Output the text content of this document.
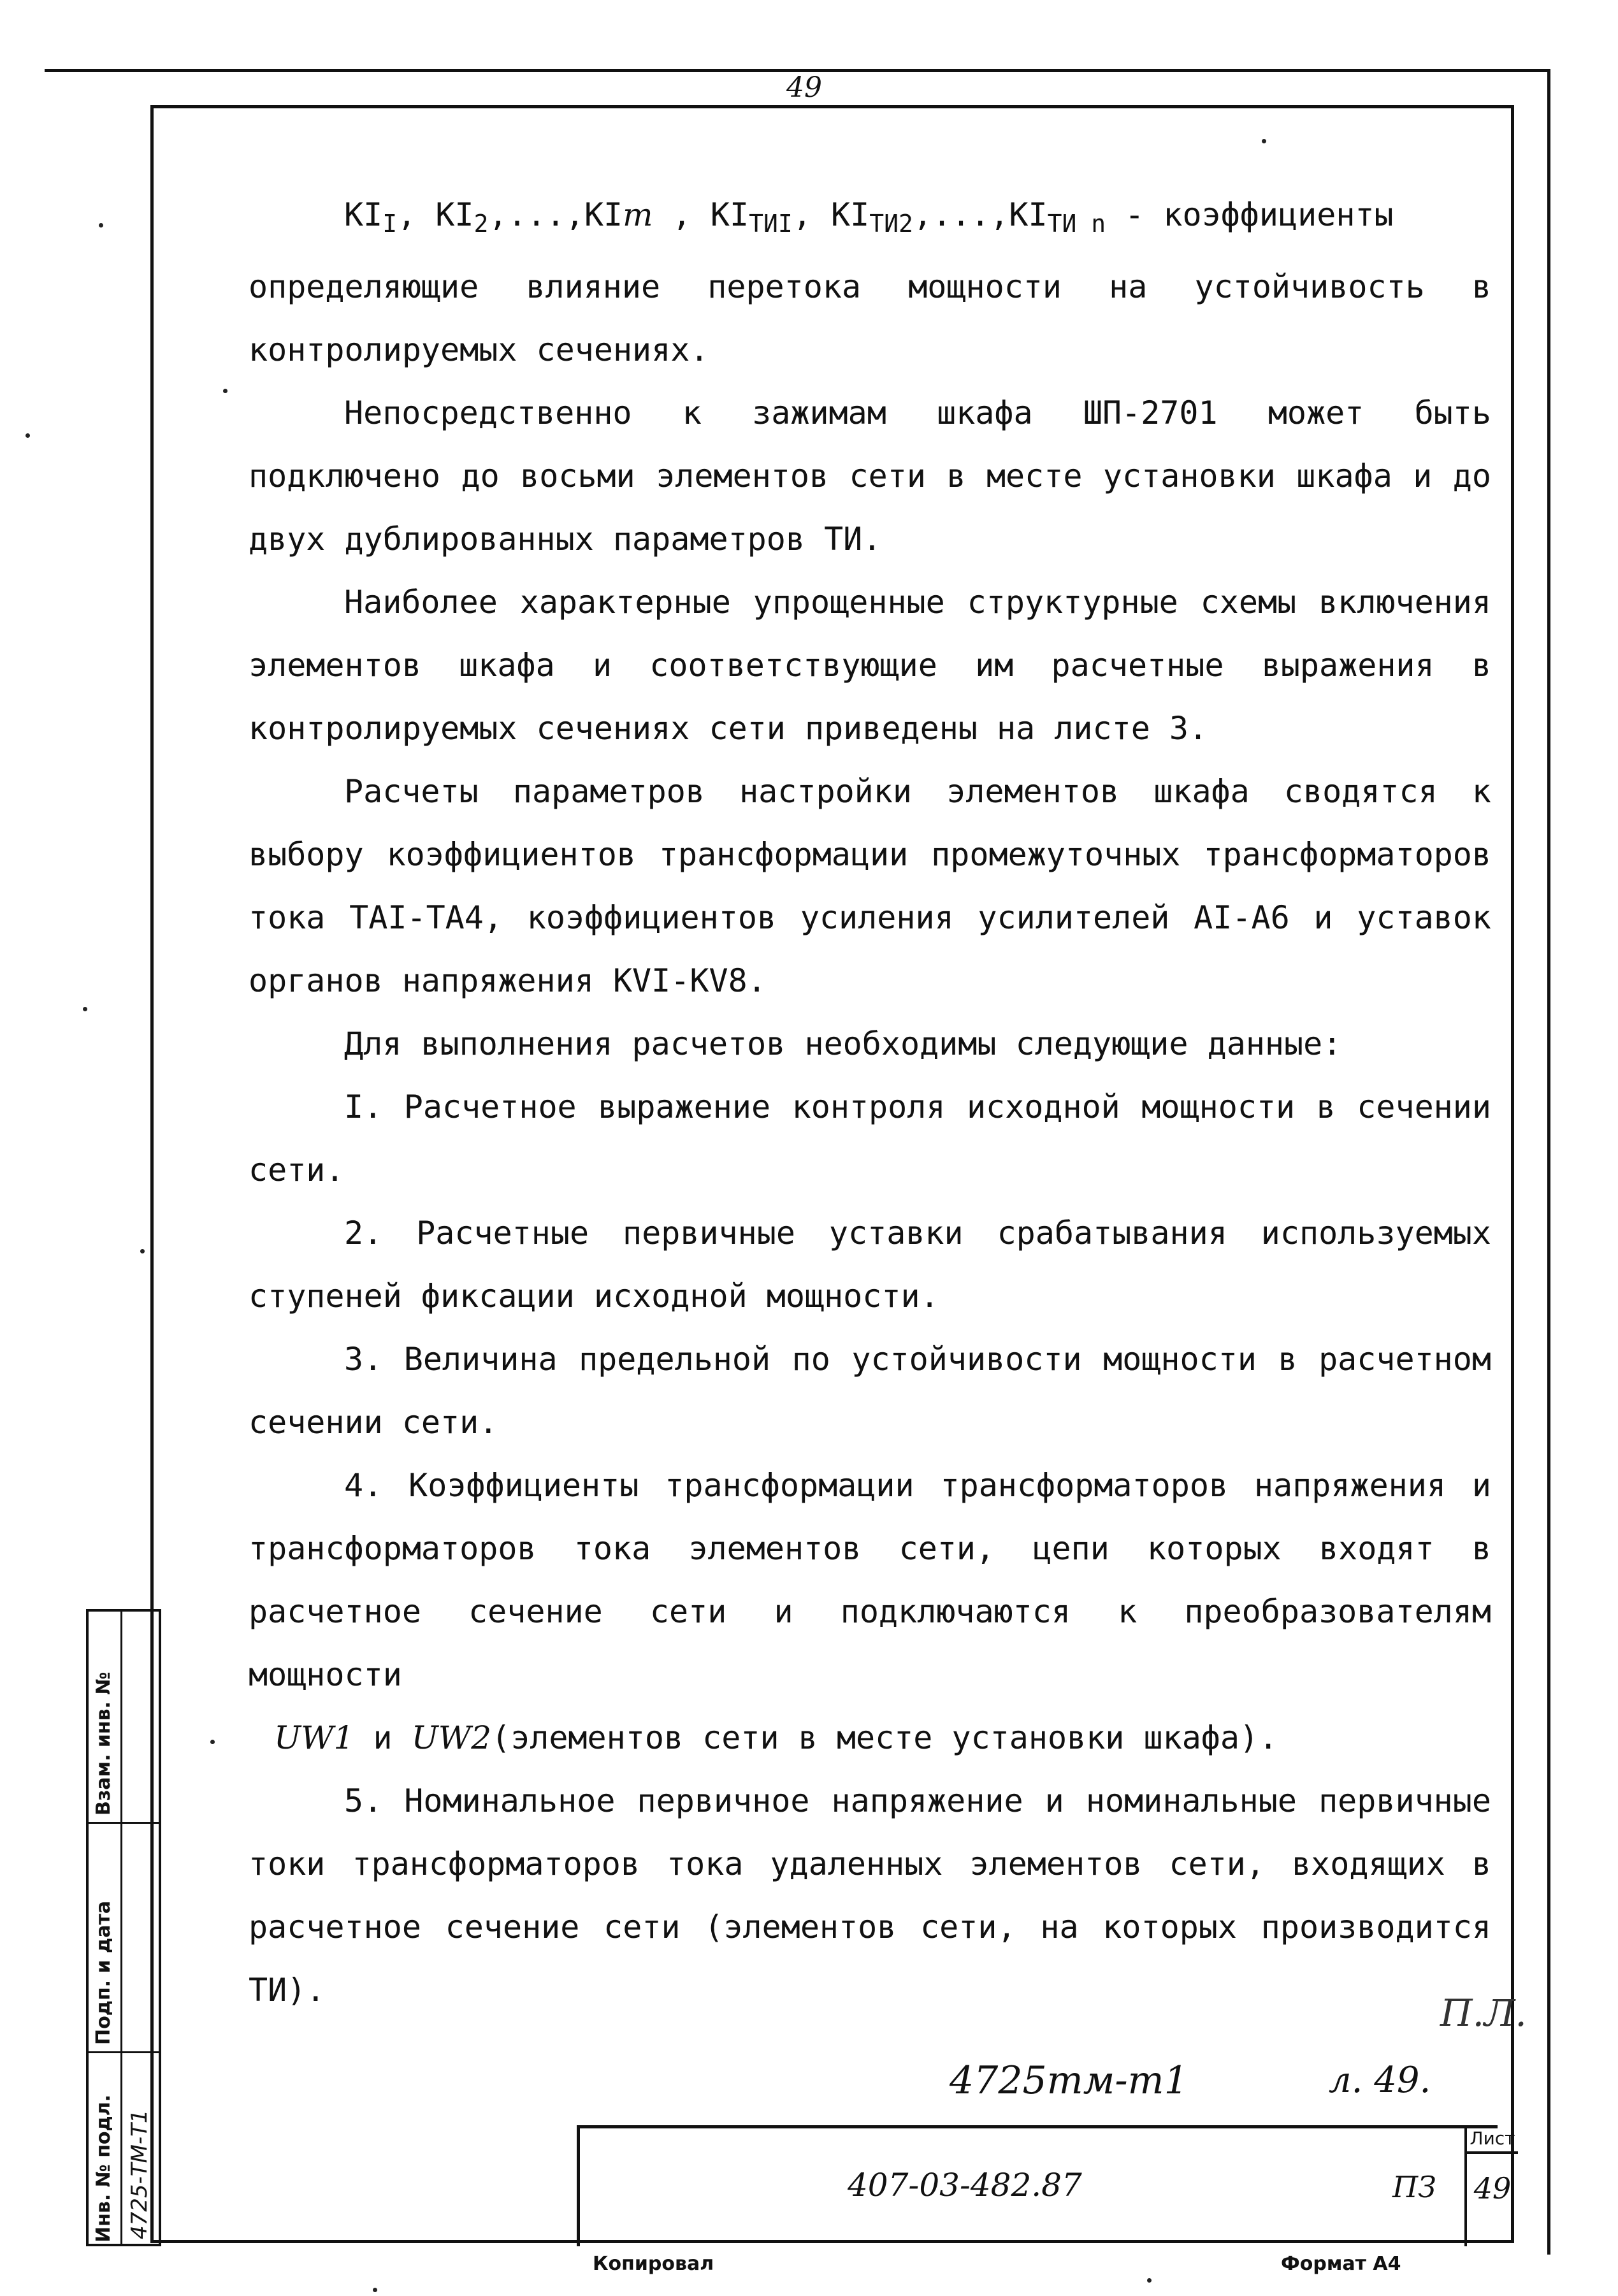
49

$KI_I$, $KI_2,...,KIm$ , $KI_{ТИI}$, $KI_{ТИ2},...,KI_{ТИ n}$ - коэффициенты

определяющие влияние перетока мощности на устойчивость в контролируемых сечениях.

Непосредственно к зажимам шкафа ШП-2701 может быть подключено до восьми элементов сети в месте установки шкафа и до двух дублированных параметров ТИ.

Наиболее характерные упрощенные структурные схемы включения элементов шкафа и соответствующие им расчетные выражения в контролируемых сечениях сети приведены на листе 3.

Расчеты параметров настройки элементов шкафа сводятся к выбору коэффициентов трансформации промежуточных трансформаторов тока TAI-TA4, коэффициентов усиления усилителей AI-A6 и уставок органов напряжения KVI-KV8.

Для выполнения расчетов необходимы следующие данные:

I. Расчетное выражение контроля исходной мощности в сечении сети.

2. Расчетные первичные уставки срабатывания используемых ступеней фиксации исходной мощности.

3. Величина предельной по устойчивости мощности в расчетном сечении сети.

4. Коэффициенты трансформации трансформаторов напряжения и трансформаторов тока элементов сети, цепи которых входят в расчетное сечение сети и подключаются к преобразователям мощности

UW1 и UW2(элементов сети в месте установки шкафа).

5. Номинальное первичное напряжение и номинальные первичные токи трансформаторов тока удаленных элементов сети, входящих в расчетное сечение сети (элементов сети, на которых производится ТИ).

Взам. инв. №
Подп. и дата
Инв. № подл. 4725-ТМ-Т1
П.Л.
4725тм-т1	л. 49.
407-03-482.87	ПЗ
Лист
49
Копировал	Формат А4
